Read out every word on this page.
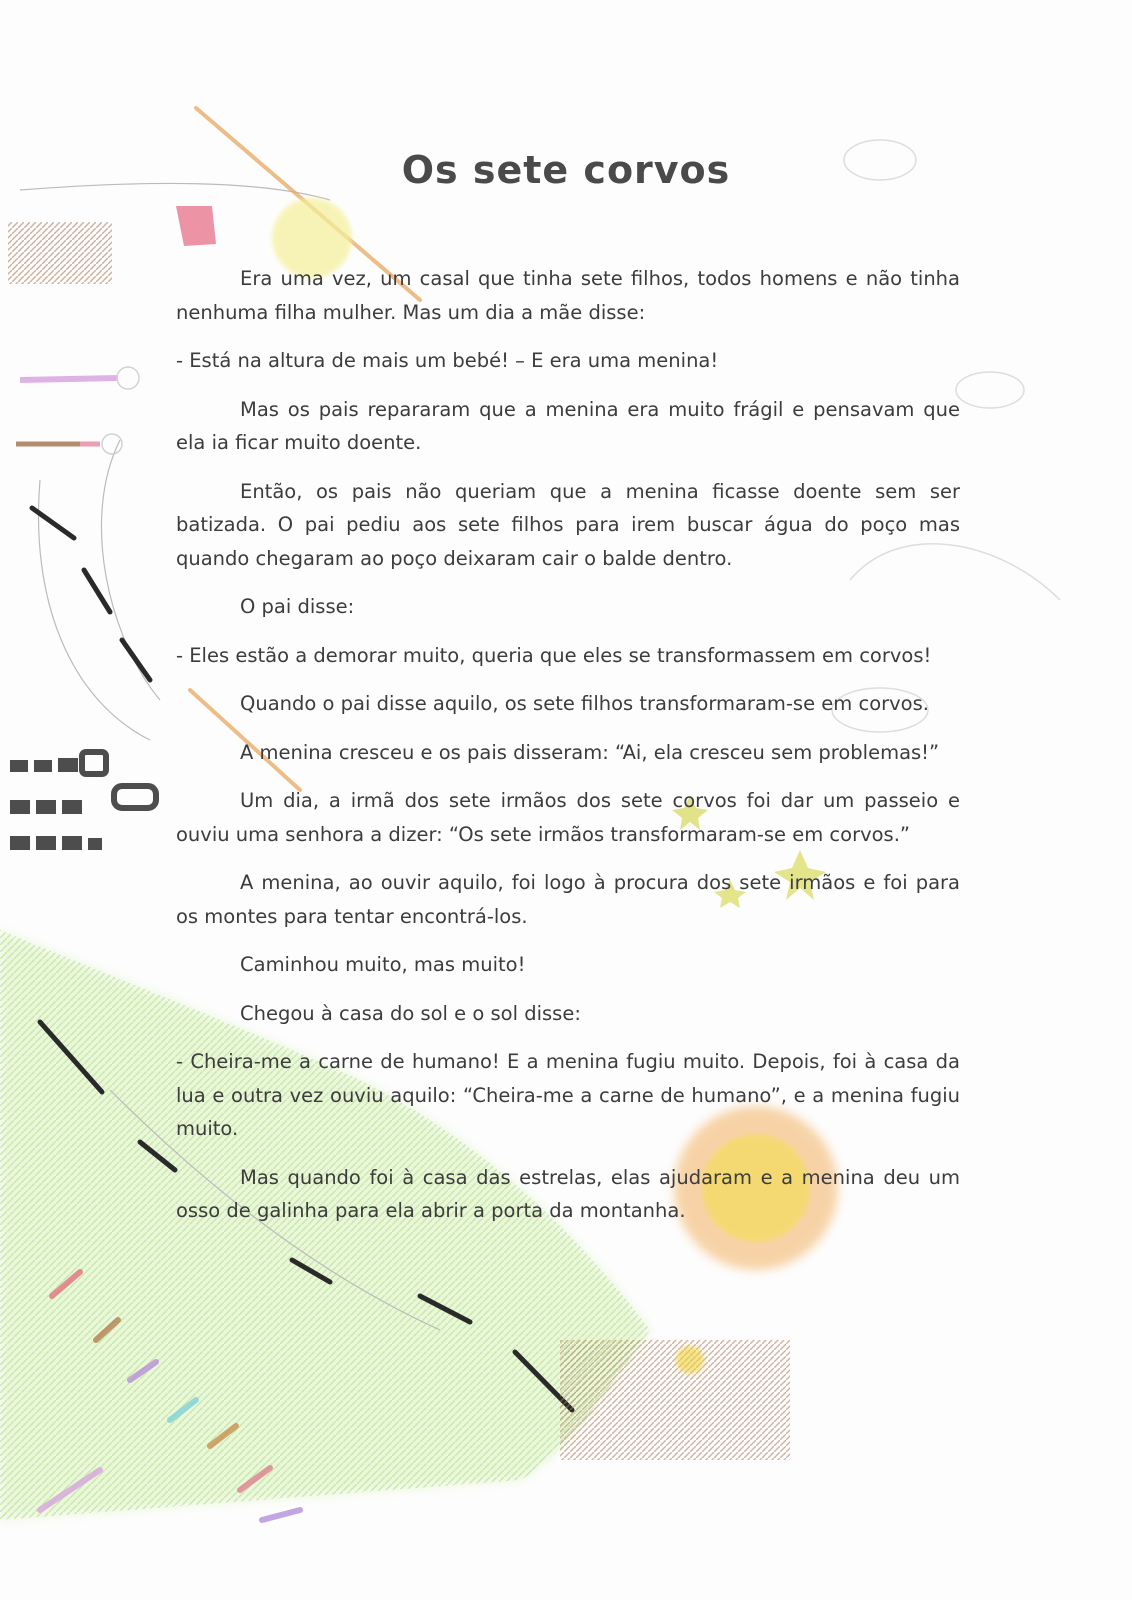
Os sete corvos

Era uma vez, um casal que tinha sete filhos, todos homens e não tinha nenhuma filha mulher. Mas um dia a mãe disse:

- Está na altura de mais um bebé! – E era uma menina!

Mas os pais repararam que a menina era muito frágil e pensavam que ela ia ficar muito doente.

Então, os pais não queriam que a menina ficasse doente sem ser batizada. O pai pediu aos sete filhos para irem buscar água do poço mas quando chegaram ao poço deixaram cair o balde dentro.

O pai disse:

- Eles estão a demorar muito, queria que eles se transformassem em corvos!

Quando o pai disse aquilo, os sete filhos transformaram-se em corvos.

A menina cresceu e os pais disseram: “Ai, ela cresceu sem problemas!”

Um dia, a irmã dos sete irmãos dos sete corvos foi dar um passeio e ouviu uma senhora a dizer: “Os sete irmãos transformaram-se em corvos.”

A menina, ao ouvir aquilo, foi logo à procura dos sete irmãos e foi para os montes para tentar encontrá-los.

Caminhou muito, mas muito!

Chegou à casa do sol e o sol disse:

- Cheira-me a carne de humano! E a menina fugiu muito. Depois, foi à casa da lua e outra vez ouviu aquilo: “Cheira-me a carne de humano”, e a menina fugiu muito.

Mas quando foi à casa das estrelas, elas ajudaram e a menina deu um osso de galinha para ela abrir a porta da montanha.
